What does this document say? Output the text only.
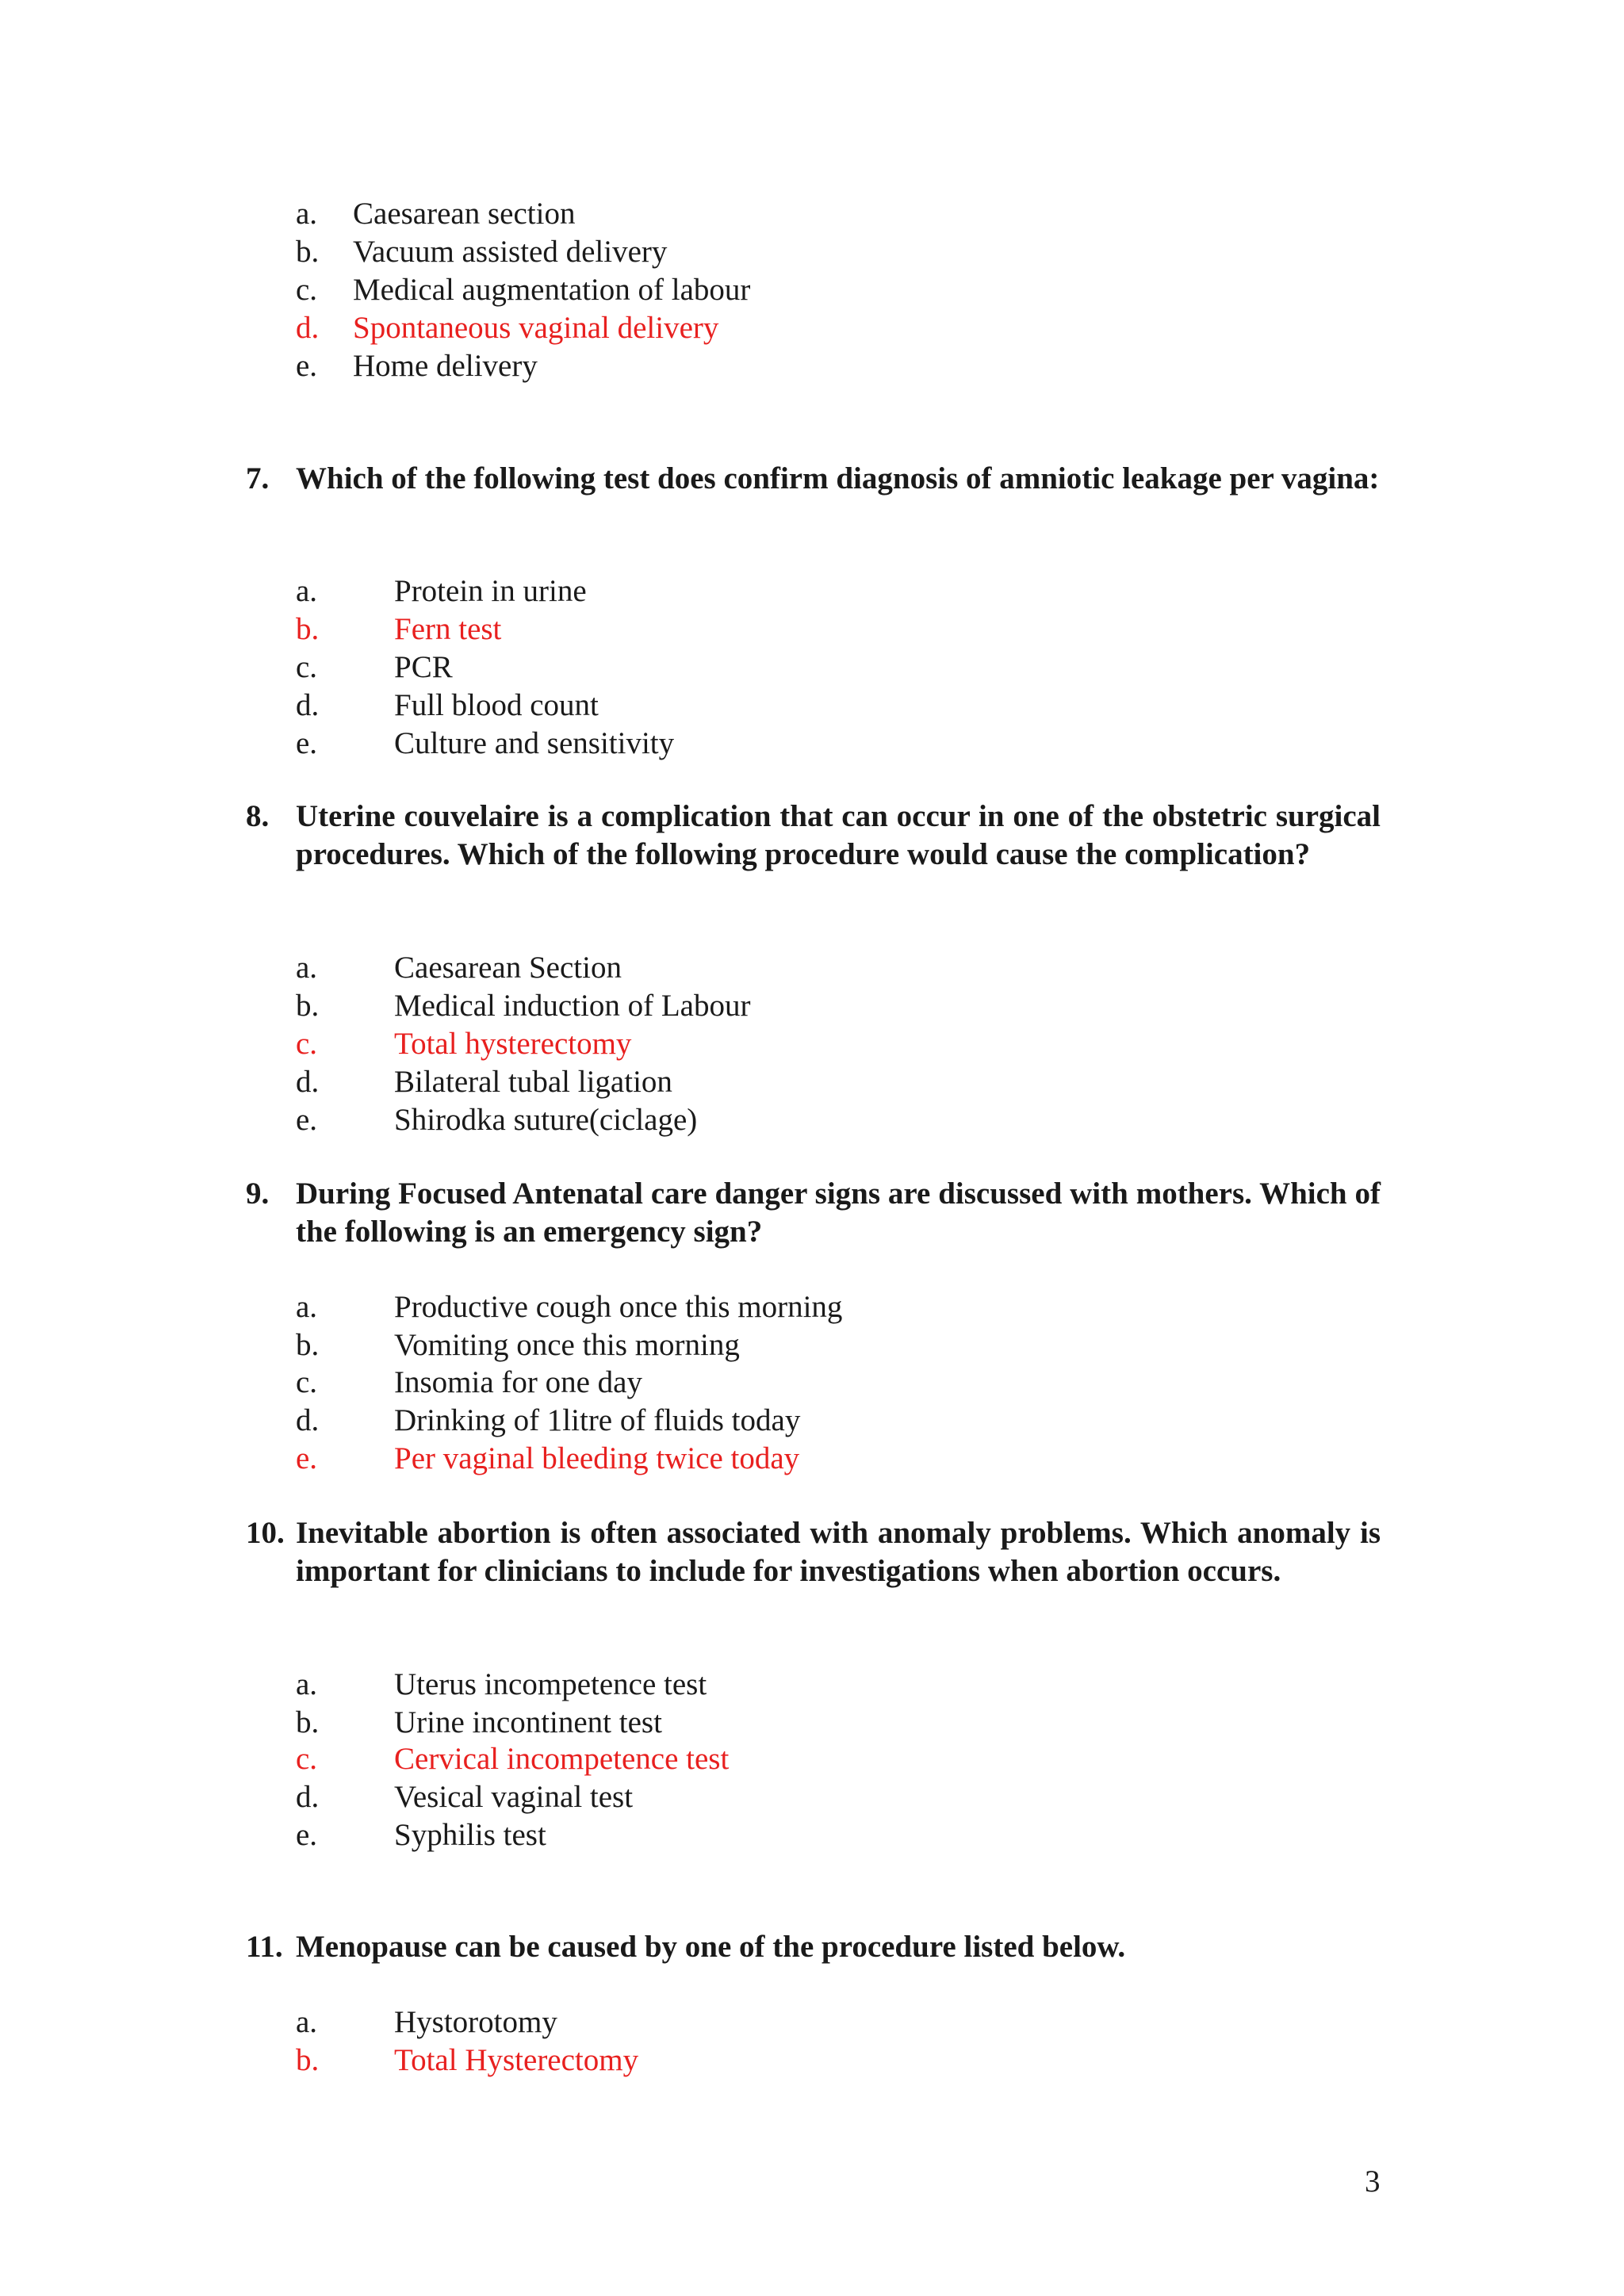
a. Caesarean section
b. Vacuum assisted delivery
c. Medical augmentation of labour
d. Spontaneous vaginal delivery
e. Home delivery
7. Which of the following test does confirm diagnosis of amniotic leakage per vagina:
a. Protein in urine
b. Fern test
c. PCR
d. Full blood count
e. Culture and sensitivity
8. Uterine couvelaire is a complication that can occur in one of the obstetric surgical procedures. Which of the following procedure would cause the complication?
a. Caesarean Section
b. Medical induction of Labour
c. Total hysterectomy
d. Bilateral tubal ligation
e. Shirodka suture(ciclage)
9. During Focused Antenatal care danger signs are discussed with mothers. Which of the following is an emergency sign?
a. Productive cough once this morning
b. Vomiting once this morning
c. Insomia for one day
d. Drinking of 1litre of fluids today
e. Per vaginal bleeding twice today
10. Inevitable abortion is often associated with anomaly problems. Which anomaly is important for clinicians to include for investigations when abortion occurs.
a. Uterus incompetence test
b. Urine incontinent test
c. Cervical incompetence test
d. Vesical vaginal test
e. Syphilis test
11. Menopause can be caused by one of the procedure listed below.
a. Hystorotomy
b. Total Hysterectomy
3
